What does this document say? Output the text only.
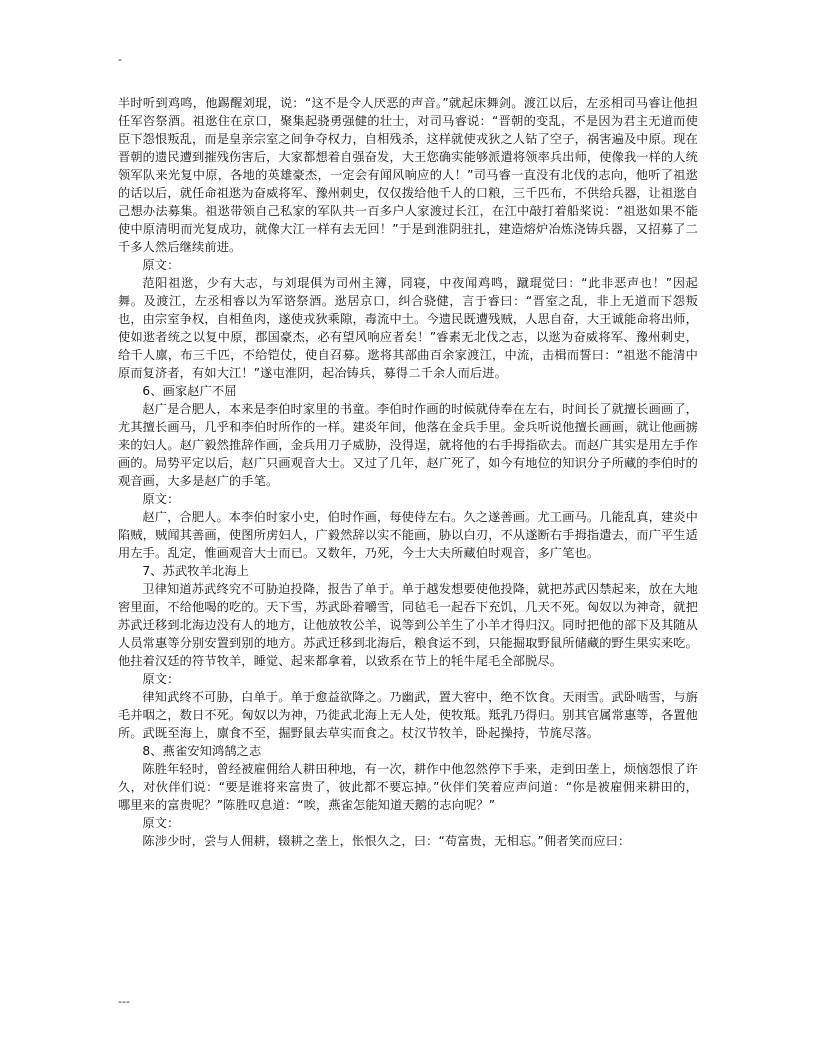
-

半时听到鸡鸣，他踢醒刘琨，说：“这不是令人厌恶的声音。”就起床舞剑。渡江以后，左丞相司马睿让他担任军咨祭酒。祖逖住在京口，聚集起骁勇强健的壮士，对司马睿说：“晋朝的变乱，不是因为君主无道而使臣下怨恨叛乱，而是皇亲宗室之间争夺权力，自相残杀，这样就使戎狄之人钻了空子，祸害遍及中原。现在晋朝的遗民遭到摧残伤害后，大家都想着自强奋发，大王您确实能够派遣将领率兵出师，使像我一样的人统领军队来光复中原，各地的英雄豪杰，一定会有闻风响应的人！”司马睿一直没有北伐的志向，他听了祖逖的话以后，就任命祖逖为奋威将军、豫州刺史，仅仅拨给他千人的口粮，三千匹布，不供给兵器，让祖逖自己想办法募集。祖逖带领自己私家的军队共一百多户人家渡过长江，在江中敲打着船桨说：“祖逖如果不能使中原清明而光复成功，就像大江一样有去无回！”于是到淮阴驻扎，建造熔炉冶炼浇铸兵器，又招募了二千多人然后继续前进。

原文：

范阳祖逖，少有大志，与刘琨俱为司州主簿，同寝，中夜闻鸡鸣，蹴琨觉曰：“此非恶声也！”因起舞。及渡江，左丞相睿以为军谘祭酒。逖居京口，纠合骁健，言于睿曰：“晋室之乱，非上无道而下怨叛也，由宗室争权，自相鱼肉，遂使戎狄乘隙，毒流中土。今遗民既遭残贼，人思自奋，大王诚能命将出师，使如逖者统之以复中原，郡国豪杰，必有望风响应者矣！”睿素无北伐之志，以逖为奋威将军、豫州刺史，给千人廪，布三千匹，不给铠仗，使自召募。逖将其部曲百余家渡江，中流，击楫而誓曰：“祖逖不能清中原而复济者，有如大江！”遂屯淮阴，起冶铸兵，募得二千余人而后进。

6、画家赵广不屈

赵广是合肥人，本来是李伯时家里的书童。李伯时作画的时候就侍奉在左右，时间长了就擅长画画了，尤其擅长画马，几乎和李伯时所作的一样。建炎年间，他落在金兵手里。金兵听说他擅长画画，就让他画掳来的妇人。赵广毅然推辞作画，金兵用刀子威胁，没得逞，就将他的右手拇指砍去。而赵广其实是用左手作画的。局势平定以后，赵广只画观音大士。又过了几年，赵广死了，如今有地位的知识分子所藏的李伯时的观音画，大多是赵广的手笔。

原文：

赵广，合肥人。本李伯时家小史，伯时作画，每使侍左右。久之遂善画。尤工画马。几能乱真，建炎中陷贼，贼闻其善画，使图所虏妇人，广毅然辞以实不能画，胁以白刃，不从遂断右手拇指遣去，而广平生适用左手。乱定，惟画观音大士而已。又数年，乃死，今士大夫所藏伯时观音，多广笔也。

7、苏武牧羊北海上

卫律知道苏武终究不可胁迫投降，报告了单于。单于越发想要使他投降，就把苏武囚禁起来，放在大地窖里面，不给他喝的吃的。天下雪，苏武卧着嚼雪，同毡毛一起吞下充饥，几天不死。匈奴以为神奇，就把苏武迁移到北海边没有人的地方，让他放牧公羊，说等到公羊生了小羊才得归汉。同时把他的部下及其随从人员常惠等分别安置到别的地方。苏武迁移到北海后，粮食运不到，只能掘取野鼠所储藏的野生果实来吃。他拄着汉廷的符节牧羊，睡觉、起来都拿着，以致系在节上的牦牛尾毛全部脱尽。

原文：

律知武终不可胁，白单于。单于愈益欲降之。乃幽武，置大窖中，绝不饮食。天雨雪。武卧啮雪，与旃毛并咽之，数日不死。匈奴以为神，乃徙武北海上无人处，使牧羝。羝乳乃得归。别其官属常惠等，各置他所。武既至海上，廪食不至，掘野鼠去草实而食之。杖汉节牧羊，卧起操持，节旄尽落。

8、燕雀安知鸿鹄之志

陈胜年轻时，曾经被雇佣给人耕田种地，有一次，耕作中他忽然停下手来，走到田垄上，烦恼怨恨了许久，对伙伴们说：“要是谁将来富贵了，彼此都不要忘掉。”伙伴们笑着应声问道：“你是被雇佣来耕田的，哪里来的富贵呢？”陈胜叹息道：“唉，燕雀怎能知道天鹅的志向呢？”

原文：

陈涉少时，尝与人佣耕，辍耕之垄上，怅恨久之，曰：“苟富贵，无相忘。”佣者笑而应曰：

---
